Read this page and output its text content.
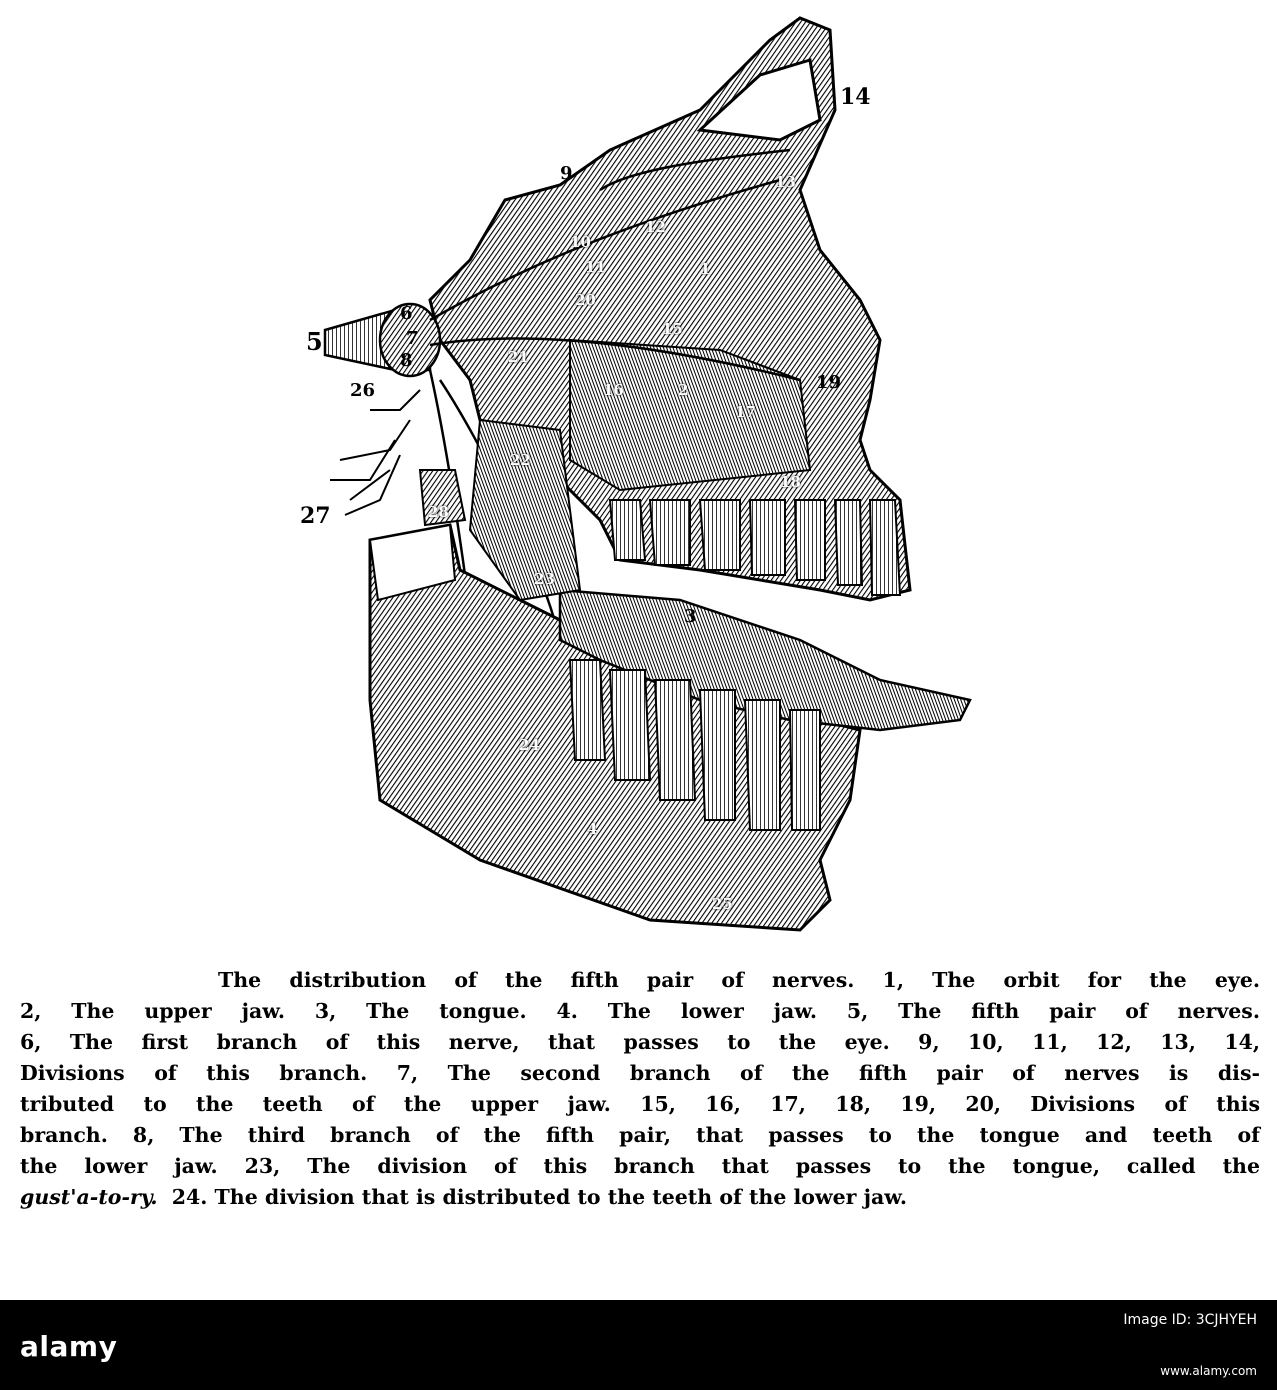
14
9	13
12
10
11	1
20
15
6
5	7
8	21
16	2
17
19
26
22
18
27	28
23
3
24
4
25
The distribution of the fifth pair of nerves. 1, The orbit for the eye.
2, The upper jaw. 3, The tongue. 4. The lower jaw. 5, The fifth pair of nerves.
6, The first branch of this nerve, that passes to the eye. 9, 10, 11, 12, 13, 14,
Divisions of this branch. 7, The second branch of the fifth pair of nerves is dis-
tributed to the teeth of the upper jaw. 15, 16, 17, 18, 19, 20, Divisions of this
branch. 8, The third branch of the fifth pair, that passes to the tongue and teeth of
the lower jaw. 23, The division of this branch that passes to the tongue, called the
gust'a-to-ry.  24. The division that is distributed to the teeth of the lower jaw.
alamy
Image ID: 3CJHYEH
www.alamy.com
